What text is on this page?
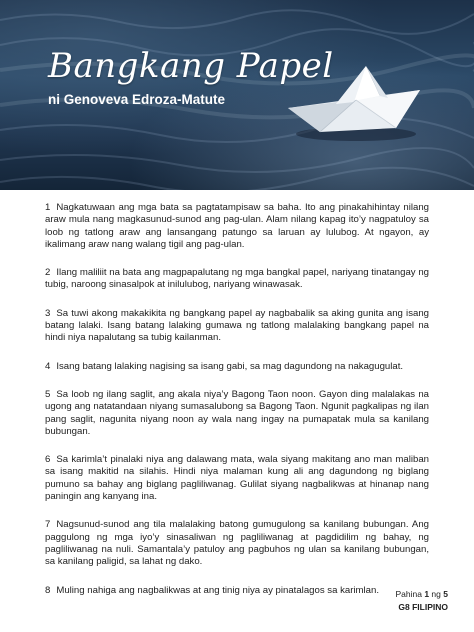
Bangkang Papel

ni Genoveva Edroza-Matute

1 Nagkatuwaan ang mga bata sa pagtatampisaw sa baha. Ito ang pinakahihintay nilang araw mula nang magkasunud-sunod ang pag-ulan. Alam nilang kapag ito’y nagpatuloy sa loob ng tatlong araw ang lansangang patungo sa laruan ay lulubog. At ngayon, ay ikalimang araw nang walang tigil ang pag-ulan.

2 Ilang maliliit na bata ang magpapalutang ng mga bangkal papel, nariyang tinatangay ng tubig, naroong sinasalpok at inilulubog, nariyang winawasak.

3 Sa tuwi akong makakikita ng bangkang papel ay nagbabalik sa aking gunita ang isang batang lalaki. Isang batang lalaking gumawa ng tatlong malalaking bangkang papel na hindi niya napalutang sa tubig kailanman.

4 Isang batang lalaking nagising sa isang gabi, sa mag dagundong na nakagugulat.

5 Sa loob ng ilang saglit, ang akala niya’y Bagong Taon noon. Gayon ding malalakas na ugong ang natatandaan niyang sumasalubong sa Bagong Taon. Ngunit pagkalipas ng ilan pang saglit, nagunita niyang noon ay wala nang ingay na pumapatak mula sa kanilang bubungan.

6 Sa karimla’t pinalaki niya ang dalawang mata, wala siyang makitang ano man maliban sa isang makitid na silahis. Hindi niya malaman kung ali ang dagundong ng biglang pumuno sa bahay ang biglang pagliliwanag. Gulilat siyang nagbalikwas at hinanap nang paningin ang kanyang ina.

7 Nagsunud-sunod ang tila malalaking batong gumugulong sa kanilang bubungan. Ang paggulong ng mga iyo’y sinasaliwan ng pagliliwanag at pagdidilim ng bahay, ng pagliliwanag na nuli. Samantala’y patuloy ang pagbuhos ng ulan sa kanilang bubungan, sa kanilang paligid, sa lahat ng dako.

8 Muling nahiga ang nagbalikwas at ang tinig niya ay pinatalagos sa karimlan.	Pahina 1 ng 5
G8 FILIPINO
